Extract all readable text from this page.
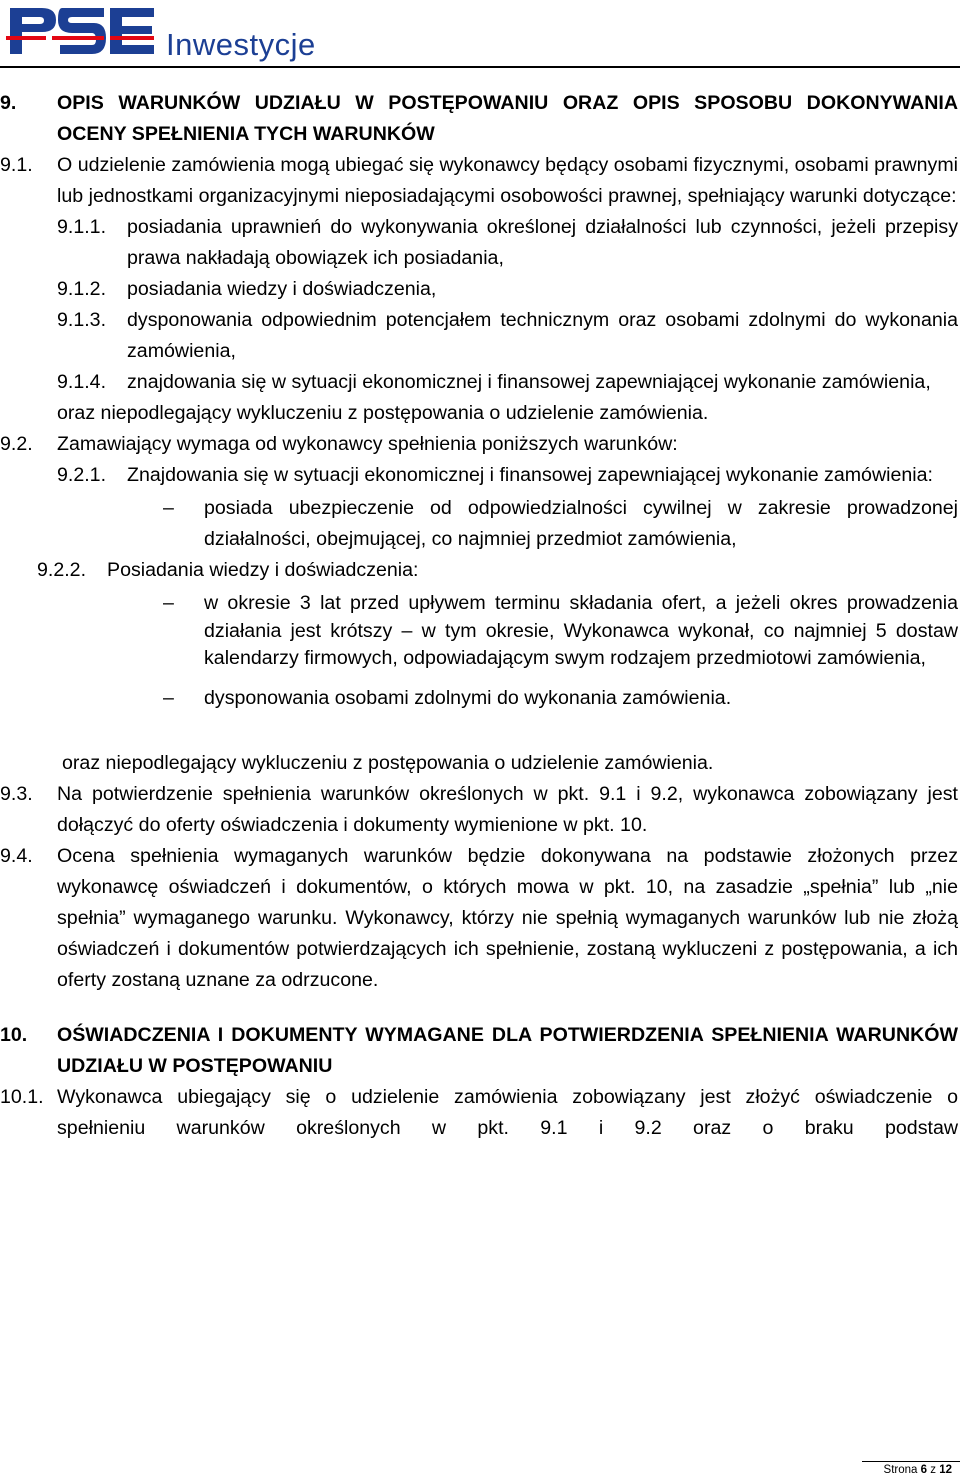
Inwestycje
9.	OPIS WARUNKÓW UDZIAŁU W POSTĘPOWANIU ORAZ OPIS SPOSOBU DOKONYWANIA OCENY SPEŁNIENIA TYCH WARUNKÓW
9.1.	O udzielenie zamówienia mogą ubiegać się wykonawcy będący osobami fizycznymi, osobami prawnymi lub jednostkami organizacyjnymi nieposiadającymi osobowości prawnej, spełniający warunki dotyczące:
9.1.1.	posiadania uprawnień do wykonywania określonej działalności lub czynności, jeżeli przepisy prawa nakładają obowiązek ich posiadania,
9.1.2.	posiadania wiedzy i doświadczenia,
9.1.3.	dysponowania odpowiednim potencjałem technicznym oraz osobami zdolnymi do wykonania zamówienia,
9.1.4.	znajdowania się w sytuacji ekonomicznej i finansowej zapewniającej wykonanie zamówienia,
oraz niepodlegający wykluczeniu z postępowania o udzielenie zamówienia.
9.2.	Zamawiający wymaga od wykonawcy spełnienia poniższych warunków:
9.2.1.	Znajdowania się w sytuacji ekonomicznej i finansowej zapewniającej wykonanie zamówienia:
–	posiada ubezpieczenie od odpowiedzialności cywilnej w zakresie prowadzonej działalności, obejmującej, co najmniej przedmiot zamówienia,
9.2.2.	Posiadania wiedzy i doświadczenia:
–	w okresie 3 lat przed upływem terminu składania ofert, a jeżeli okres prowadzenia działania jest krótszy – w tym okresie, Wykonawca wykonał, co najmniej 5 dostaw kalendarzy firmowych, odpowiadającym swym rodzajem przedmiotowi zamówienia,
–	dysponowania osobami zdolnymi do wykonania zamówienia.
oraz niepodlegający wykluczeniu z postępowania o udzielenie zamówienia.
9.3.	Na potwierdzenie spełnienia warunków określonych w pkt. 9.1 i 9.2, wykonawca zobowiązany jest dołączyć do oferty oświadczenia i dokumenty wymienione w pkt. 10.
9.4.	Ocena spełnienia wymaganych warunków będzie dokonywana na podstawie złożonych przez wykonawcę oświadczeń i dokumentów, o których mowa w pkt. 10, na zasadzie „spełnia” lub „nie spełnia” wymaganego warunku. Wykonawcy, którzy nie spełnią wymaganych warunków lub nie złożą oświadczeń i dokumentów potwierdzających ich spełnienie, zostaną wykluczeni z postępowania, a ich oferty zostaną uznane za odrzucone.
10.	OŚWIADCZENIA I DOKUMENTY WYMAGANE DLA POTWIERDZENIA SPEŁNIENIA WARUNKÓW UDZIAŁU W POSTĘPOWANIU
10.1. Wykonawca ubiegający się o udzielenie zamówienia zobowiązany jest złożyć oświadczenie o spełnieniu warunków określonych w pkt. 9.1 i 9.2 oraz o braku podstaw
Strona 6 z 12
